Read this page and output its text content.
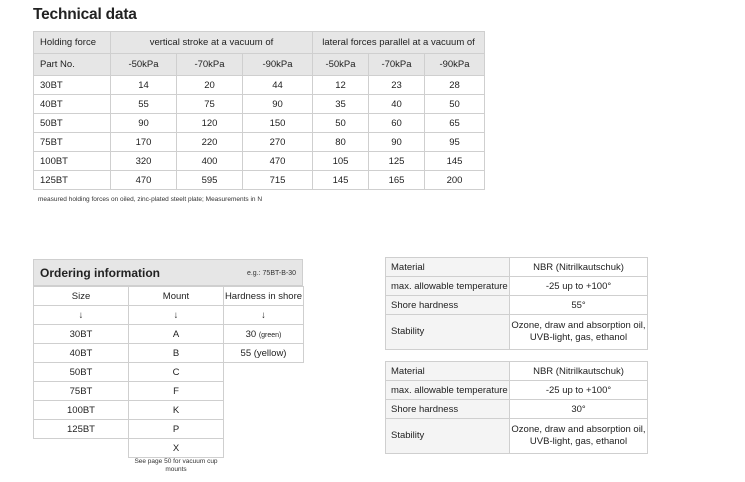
Technical data
Holding force	vertical stroke at a vacuum of			lateral forces parallel at a vacuum of		
Part No.	-50kPa	-70kPa	-90kPa	-50kPa	-70kPa	-90kPa
30BT	14	20	44	12	23	28
40BT	55	75	90	35	40	50
50BT	90	120	150	50	60	65
75BT	170	220	270	80	90	95
100BT	320	400	470	105	125	145
125BT	470	595	715	145	165	200
measured holding forces on oiled, zinc-plated steelt plate; Measurements in N
Ordering information	e.g.: 75BT-B-30
Size	Mount	Hardness in shore
↓	↓	↓
30BT	A	30 (green)
40BT	B	55 (yellow)
50BT	C	
75BT	F	
100BT	K	
125BT	P	
	X	
See page 50 for vacuum cup mounts
Material	NBR (Nitrilkautschuk)
max. allowable temperature	-25 up to +100°
Shore hardness	55°
Stability	Ozone, draw and absorption oil,
UVB-light, gas, ethanol
Material	NBR (Nitrilkautschuk)
max. allowable temperature	-25 up to +100°
Shore hardness	30°
Stability	Ozone, draw and absorption oil,
UVB-light, gas, ethanol
